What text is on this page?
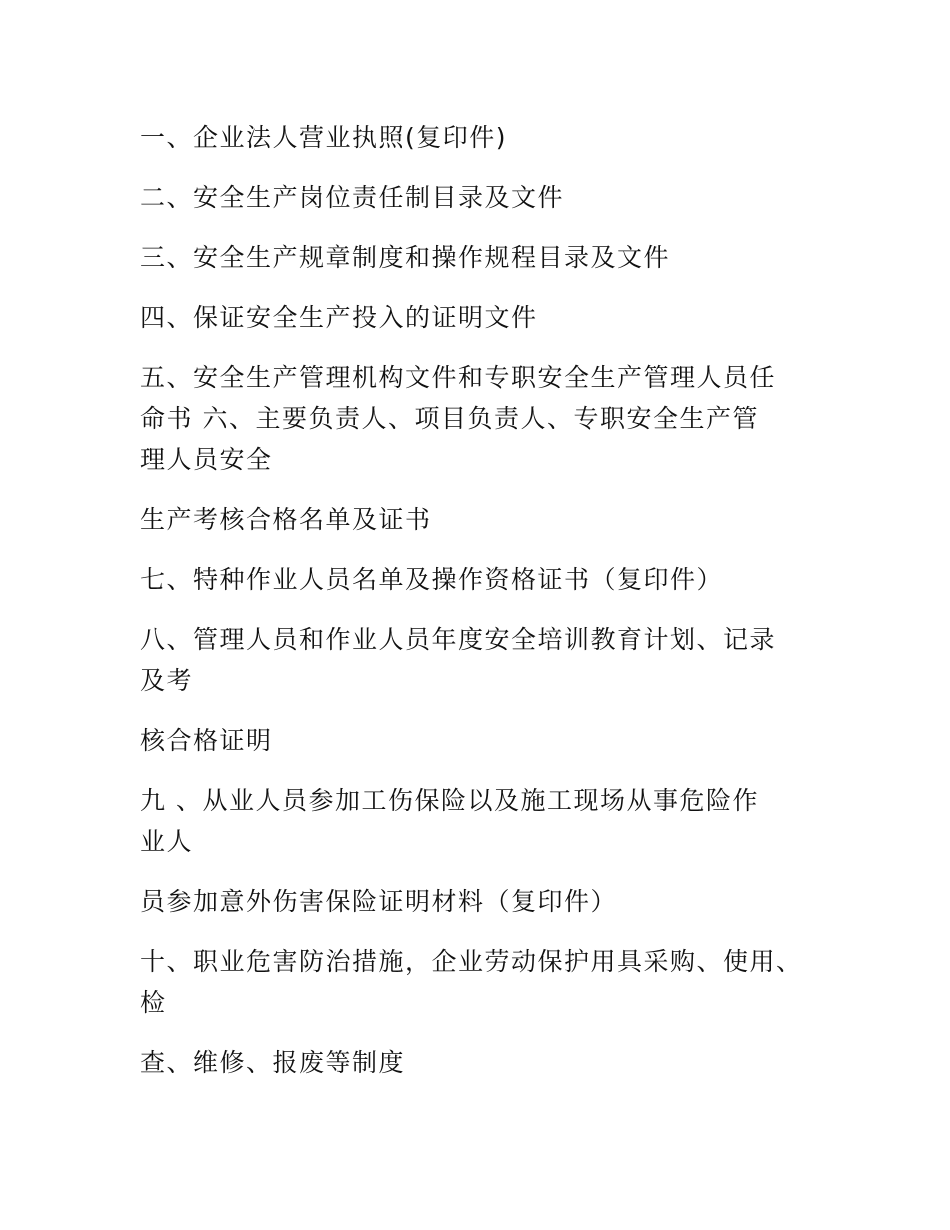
一、企业法人营业执照(复印件)

二、安全生产岗位责任制目录及文件

三、安全生产规章制度和操作规程目录及文件

四、保证安全生产投入的证明文件

五、安全生产管理机构文件和专职安全生产管理人员任

命书 六、主要负责人、项目负责人、专职安全生产管

理人员安全

生产考核合格名单及证书

七、特种作业人员名单及操作资格证书（复印件）

八、管理人员和作业人员年度安全培训教育计划、记录

及考

核合格证明

九 、从业人员参加工伤保险以及施工现场从事危险作

业人

员参加意外伤害保险证明材料（复印件）

十、职业危害防治措施，企业劳动保护用具采购、使用、

检

查、维修、报废等制度
